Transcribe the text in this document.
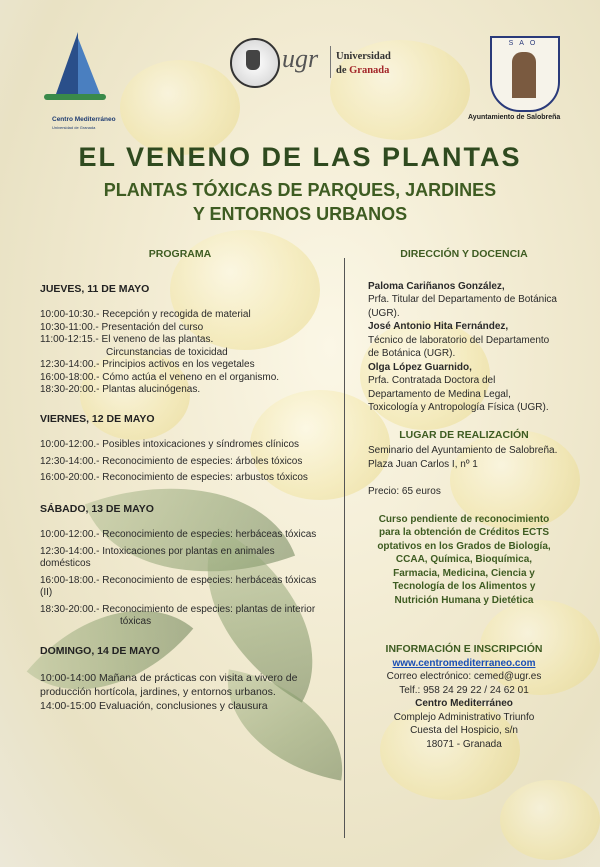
Centro Mediterráneo
Universidad de Granada
ugr Universidad
de Granada
SAO
Ayuntamiento de Salobreña
EL VENENO DE LAS PLANTAS
PLANTAS TÓXICAS DE PARQUES, JARDINES Y ENTORNOS URBANOS
PROGRAMA

JUEVES, 11 DE MAYO

10:00-10:30.- Recepción y recogida de material

10:30-11:00.- Presentación del curso

11:00-12:15.- El veneno de las plantas.

Circunstancias de toxicidad

12:30-14:00.- Principios activos en los vegetales

16:00-18:00.- Cómo actúa el veneno en el organismo.

18:30-20:00.- Plantas alucinógenas.

VIERNES, 12 DE MAYO

10:00-12:00.- Posibles intoxicaciones y síndromes clínicos

12:30-14:00.- Reconocimiento de especies: árboles tóxicos

16:00-20:00.- Reconocimiento de especies: arbustos tóxicos

SÁBADO, 13 DE MAYO

10:00-12:00.- Reconocimiento de especies: herbáceas tóxicas

12:30-14:00.- Intoxicaciones por plantas en animales domésticos

16:00-18:00.- Reconocimiento de especies: herbáceas tóxicas (II)

18:30-20:00.- Reconocimiento de especies: plantas de interior

tóxicas

DOMINGO, 14 DE MAYO

10:00-14:00 Mañana de prácticas con visita a vivero de producción hortícola, jardines, y entornos urbanos.

14:00-15:00 Evaluación, conclusiones y clausura

DIRECCIÓN Y DOCENCIA
Paloma Cariñanos González,
Prfa. Titular del Departamento de Botánica (UGR).
José Antonio Hita Fernández,
Técnico de laboratorio del Departamento de Botánica (UGR).
Olga López Guarnido,
Prfa. Contratada Doctora del Departamento de Medina Legal, Toxicología y Antropología Física (UGR).
LUGAR DE REALIZACIÓN
Seminario del Ayuntamiento de Salobreña. Plaza Juan Carlos I, nº 1
Precio: 65 euros
Curso pendiente de reconocimiento para la obtención de Créditos ECTS optativos en los Grados de Biología, CCAA, Química, Bioquímica, Farmacia, Medicina, Ciencia y Tecnología de los Alimentos y Nutrición Humana y Dietética
INFORMACIÓN E INSCRIPCIÓN
www.centromediterraneo.com
Correo electrónico: cemed@ugr.es
Telf.: 958 24 29 22 / 24 62 01
Centro Mediterráneo
Complejo Administrativo Triunfo
Cuesta del Hospicio, s/n
18071 - Granada
